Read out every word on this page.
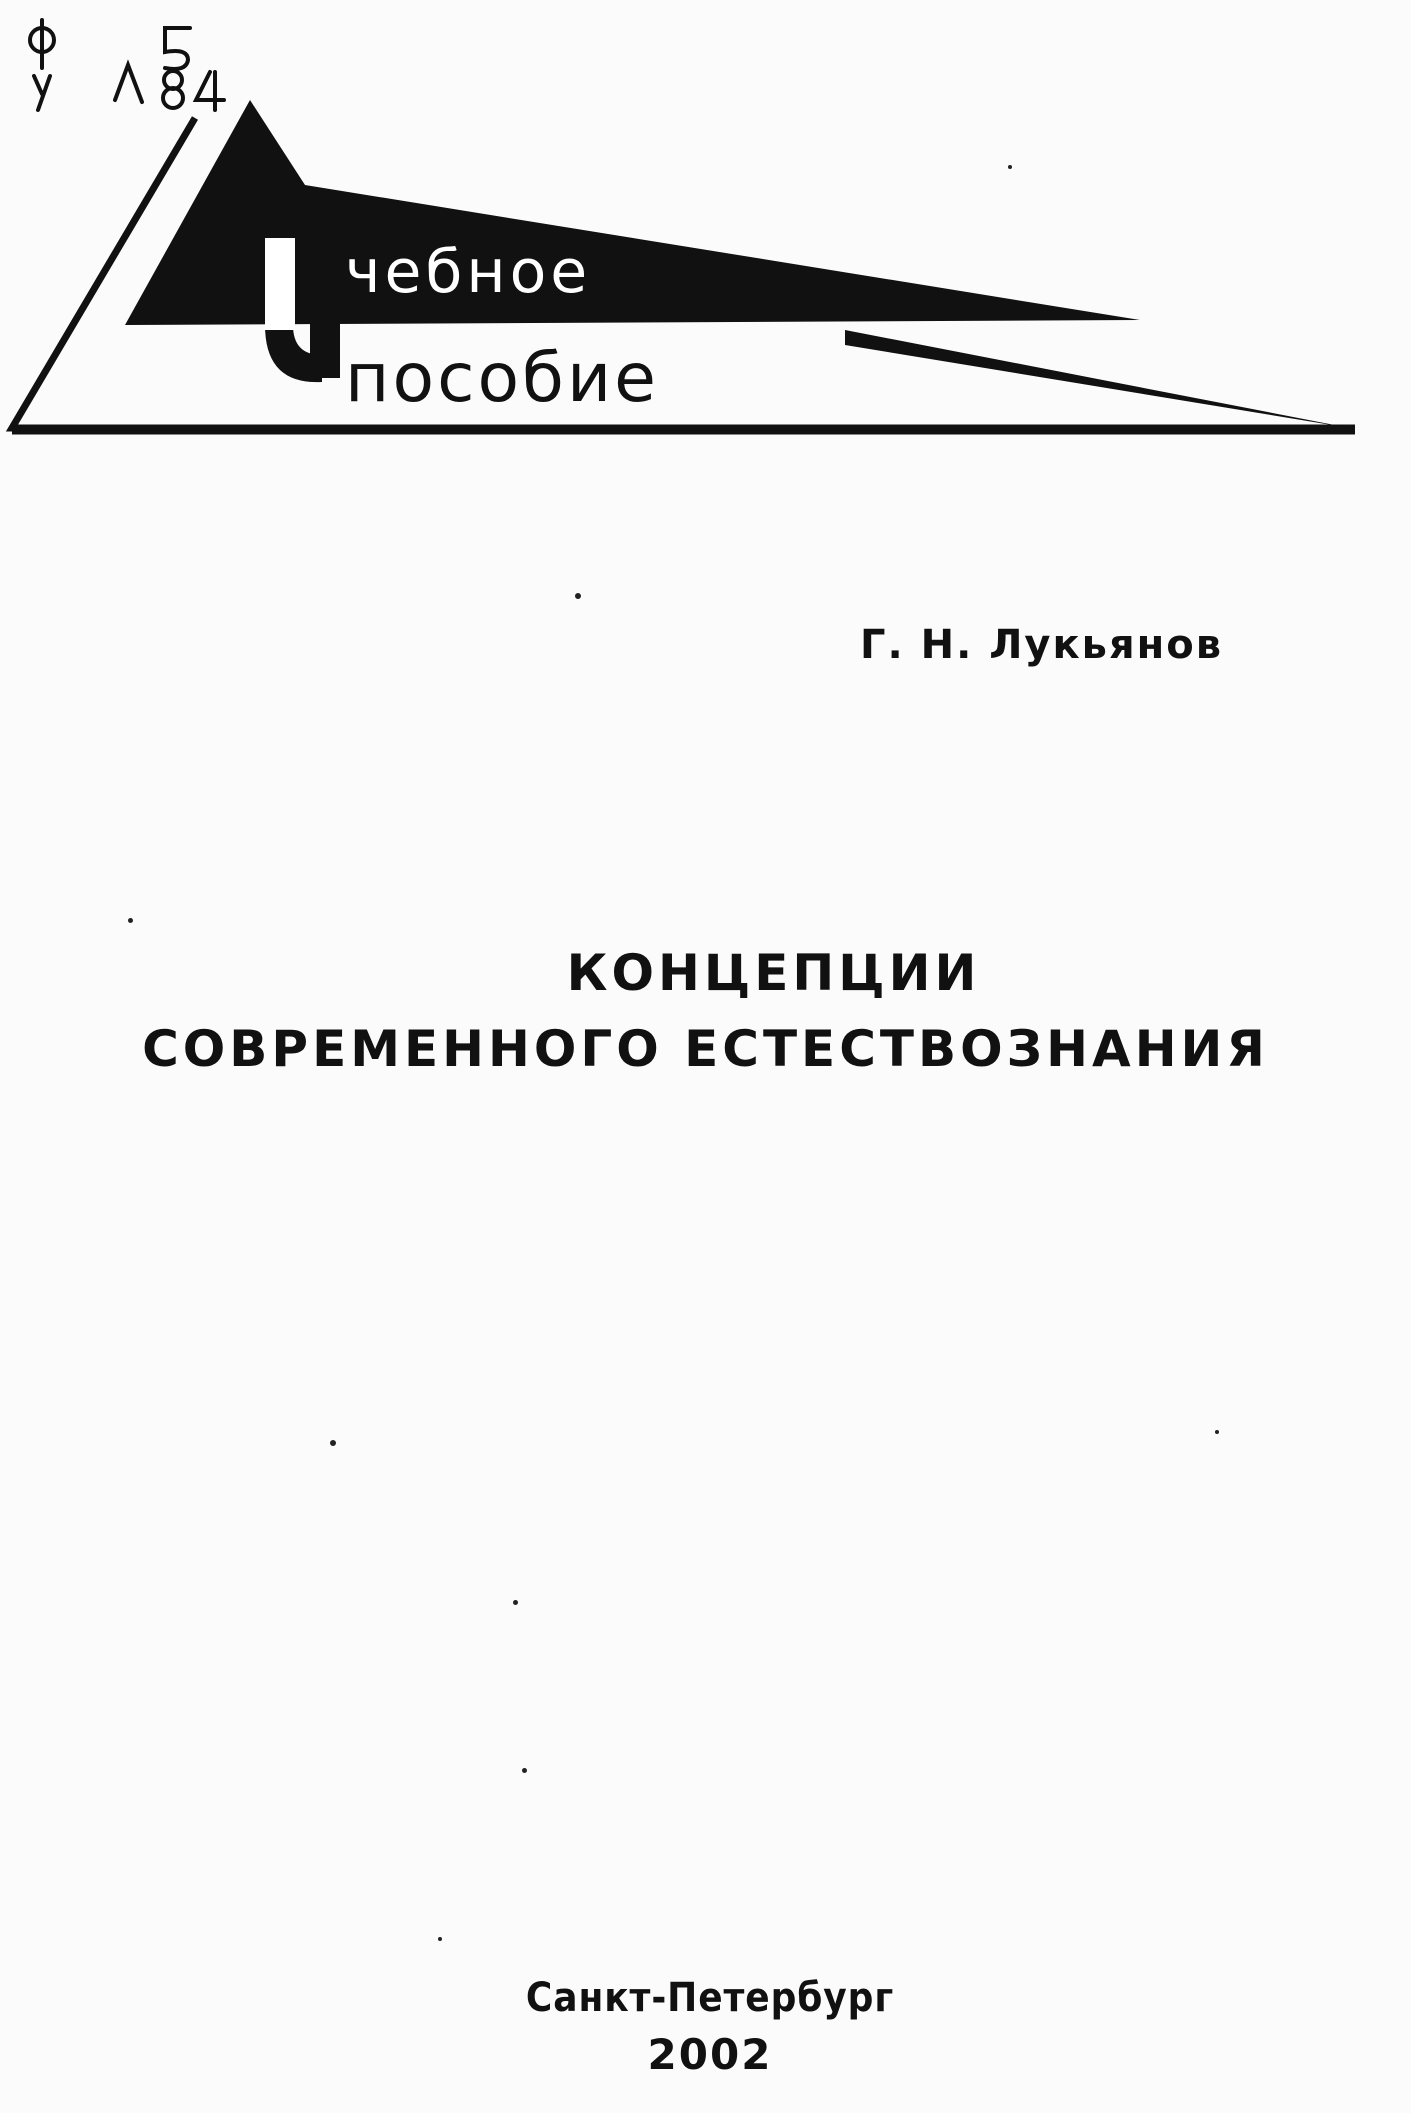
чебное
пособие
Г. Н. Лукьянов
КОНЦЕПЦИИ
СОВРЕМЕННОГО ЕСТЕСТВОЗНАНИЯ
Санкт-Петербург
2002
